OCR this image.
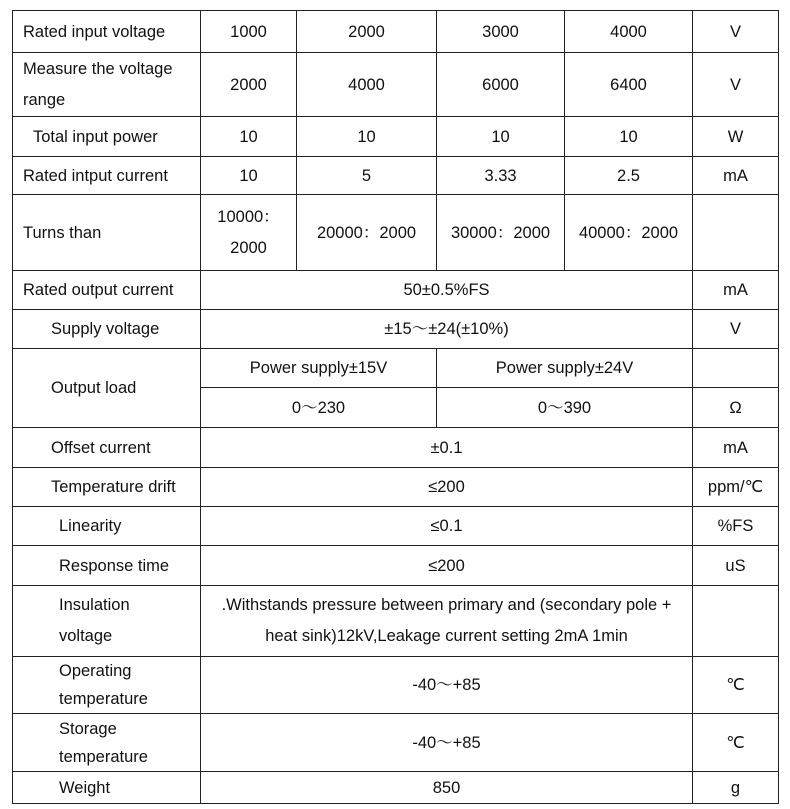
Rated input voltage	1000	2000	3000	4000	V
Measure the voltage range	2000	4000	6000	6400	V
Total input power	10	10	10	10	W
Rated intput current	10	5	3.33	2.5	mA
Turns than	10000：2000	20000：2000	30000：2000	40000：2000	
Rated output current	50±0.5%FS				mA
Supply voltage	±15～±24(±10%)				V
Output load	Power supply±15V		Power supply±24V		
	0～230		0～390		Ω
Offset current	±0.1				mA
Temperature drift	≤200				ppm/℃
Linearity	≤0.1				%FS
Response time	≤200				uS
Insulation voltage	.Withstands pressure between primary and (secondary pole + heat sink)12kV,Leakage current setting 2mA 1min				
Operating temperature	-40～+85				℃
Storage temperature	-40～+85				℃
Weight	850				g
